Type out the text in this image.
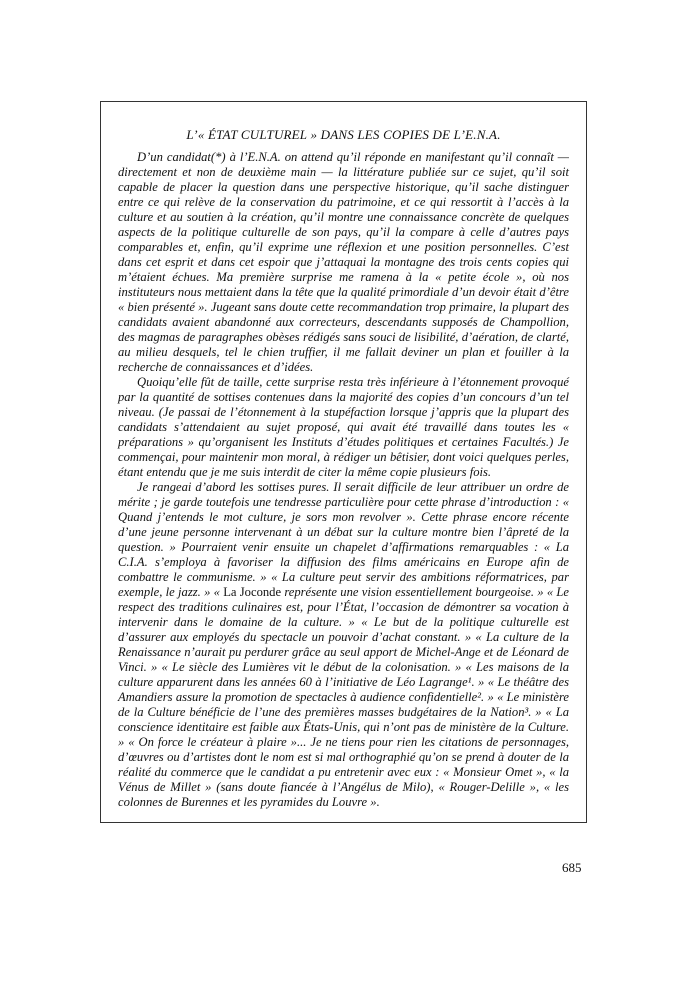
L’« ÉTAT CULTUREL » DANS LES COPIES DE L’E.N.A.

D’un candidat(*) à l’E.N.A. on attend qu’il réponde en manifestant qu’il connaît — directement et non de deuxième main — la littérature publiée sur ce sujet, qu’il soit capable de placer la question dans une perspective historique, qu’il sache distinguer entre ce qui relève de la conservation du patrimoine, et ce qui ressortit à l’accès à la culture et au soutien à la création, qu’il montre une connaissance concrète de quelques aspects de la politique culturelle de son pays, qu’il la compare à celle d’autres pays comparables et, enfin, qu’il exprime une réflexion et une position personnelles. C’est dans cet esprit et dans cet espoir que j’attaquai la montagne des trois cents copies qui m’étaient échues. Ma première surprise me ramena à la « petite école », où nos instituteurs nous mettaient dans la tête que la qualité primordiale d’un devoir était d’être « bien présenté ». Jugeant sans doute cette recommandation trop primaire, la plupart des candidats avaient abandonné aux correcteurs, descendants supposés de Champollion, des magmas de paragraphes obèses rédigés sans souci de lisibilité, d’aération, de clarté, au milieu desquels, tel le chien truffier, il me fallait deviner un plan et fouiller à la recherche de connaissances et d’idées.

Quoiqu’elle fût de taille, cette surprise resta très inférieure à l’étonnement provoqué par la quantité de sottises contenues dans la majorité des copies d’un concours d’un tel niveau. (Je passai de l’étonnement à la stupéfaction lorsque j’appris que la plupart des candidats s’attendaient au sujet proposé, qui avait été travaillé dans toutes les « préparations » qu’organisent les Instituts d’études politiques et certaines Facultés.) Je commençai, pour maintenir mon moral, à rédiger un bêtisier, dont voici quelques perles, étant entendu que je me suis interdit de citer la même copie plusieurs fois.

Je rangeai d’abord les sottises pures. Il serait difficile de leur attribuer un ordre de mérite ; je garde toutefois une tendresse particulière pour cette phrase d’introduction : « Quand j’entends le mot culture, je sors mon revolver ». Cette phrase encore récente d’une jeune personne intervenant à un débat sur la culture montre bien l’âpreté de la question. » Pourraient venir ensuite un chapelet d’affirmations remarquables : « La C.I.A. s’employa à favoriser la diffusion des films américains en Europe afin de combattre le communisme. » « La culture peut servir des ambitions réformatrices, par exemple, le jazz. » « La Joconde représente une vision essentiellement bourgeoise. » « Le respect des traditions culinaires est, pour l’État, l’occasion de démontrer sa vocation à intervenir dans le domaine de la culture. » « Le but de la politique culturelle est d’assurer aux employés du spectacle un pouvoir d’achat constant. » « La culture de la Renaissance n’aurait pu perdurer grâce au seul apport de Michel-Ange et de Léonard de Vinci. » « Le siècle des Lumières vit le début de la colonisation. » « Les maisons de la culture apparurent dans les années 60 à l’initiative de Léo Lagrange¹. » « Le théâtre des Amandiers assure la promotion de spectacles à audience confidentielle². » « Le ministère de la Culture bénéficie de l’une des premières masses budgétaires de la Nation³. » « La conscience identitaire est faible aux États-Unis, qui n’ont pas de ministère de la Culture. » « On force le créateur à plaire »... Je ne tiens pour rien les citations de personnages, d’œuvres ou d’artistes dont le nom est si mal orthographié qu’on se prend à douter de la réalité du commerce que le candidat a pu entretenir avec eux : « Monsieur Omet », « la Vénus de Millet » (sans doute fiancée à l’Angélus de Milo), « Rouger-Delille », « les colonnes de Burennes et les pyramides du Louvre ».

685
